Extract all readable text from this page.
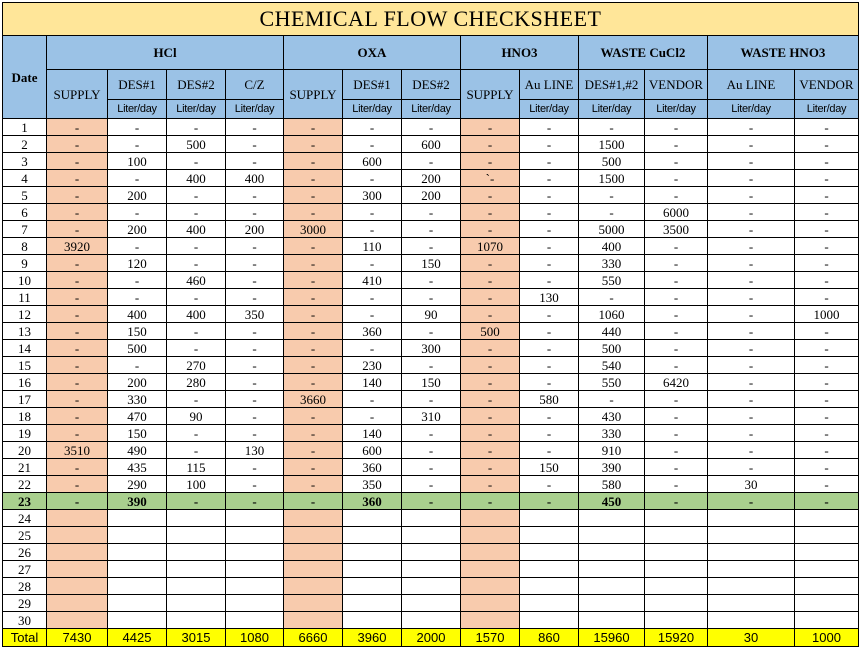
CHEMICAL FLOW CHECKSHEET													
Date	HCl				OXA			HNO3		WASTE CuCl2		WASTE HNO3	
	SUPPLY	DES#1	DES#2	C/Z	SUPPLY	DES#1	DES#2	SUPPLY	Au LINE	DES#1,#2	VENDOR	Au LINE	VENDOR
		Liter/day	Liter/day	Liter/day		Liter/day	Liter/day		Liter/day	Liter/day	Liter/day	Liter/day	Liter/day
1	-	-	-	-	-	-	-	-	-	-	-	-	-
2	-	-	500	-	-	-	600	-	-	1500	-	-	-
3	-	100	-	-	-	600	-	-	-	500	-	-	-
4	-	-	400	400	-	-	200	`-	-	1500	-	-	-
5	-	200	-	-	-	300	200	-	-	-	-	-	-
6	-	-	-	-	-	-	-	-	-	-	6000	-	-
7	-	200	400	200	3000	-	-	-	-	5000	3500	-	-
8	3920	-	-	-	-	110	-	1070	-	400	-	-	-
9	-	120	-	-	-	-	150	-	-	330	-	-	-
10	-	-	460	-	-	410	-	-	-	550	-	-	-
11	-	-	-	-	-	-	-	-	130	-	-	-	-
12	-	400	400	350	-	-	90	-	-	1060	-	-	1000
13	-	150	-	-	-	360	-	500	-	440	-	-	-
14	-	500	-	-	-	-	300	-	-	500	-	-	-
15	-	-	270	-	-	230	-	-	-	540	-	-	-
16	-	200	280	-	-	140	150	-	-	550	6420	-	-
17	-	330	-	-	3660	-	-	-	580	-	-	-	-
18	-	470	90	-	-	-	310	-	-	430	-	-	-
19	-	150	-	-	-	140	-	-	-	330	-	-	-
20	3510	490	-	130	-	600	-	-	-	910	-	-	-
21	-	435	115	-	-	360	-	-	150	390	-	-	-
22	-	290	100	-	-	350	-	-	-	580	-	30	-
23	-	390	-	-	-	360	-	-	-	450	-	-	-
24													
25													
26													
27													
28													
29													
30													
Total	7430	4425	3015	1080	6660	3960	2000	1570	860	15960	15920	30	1000
